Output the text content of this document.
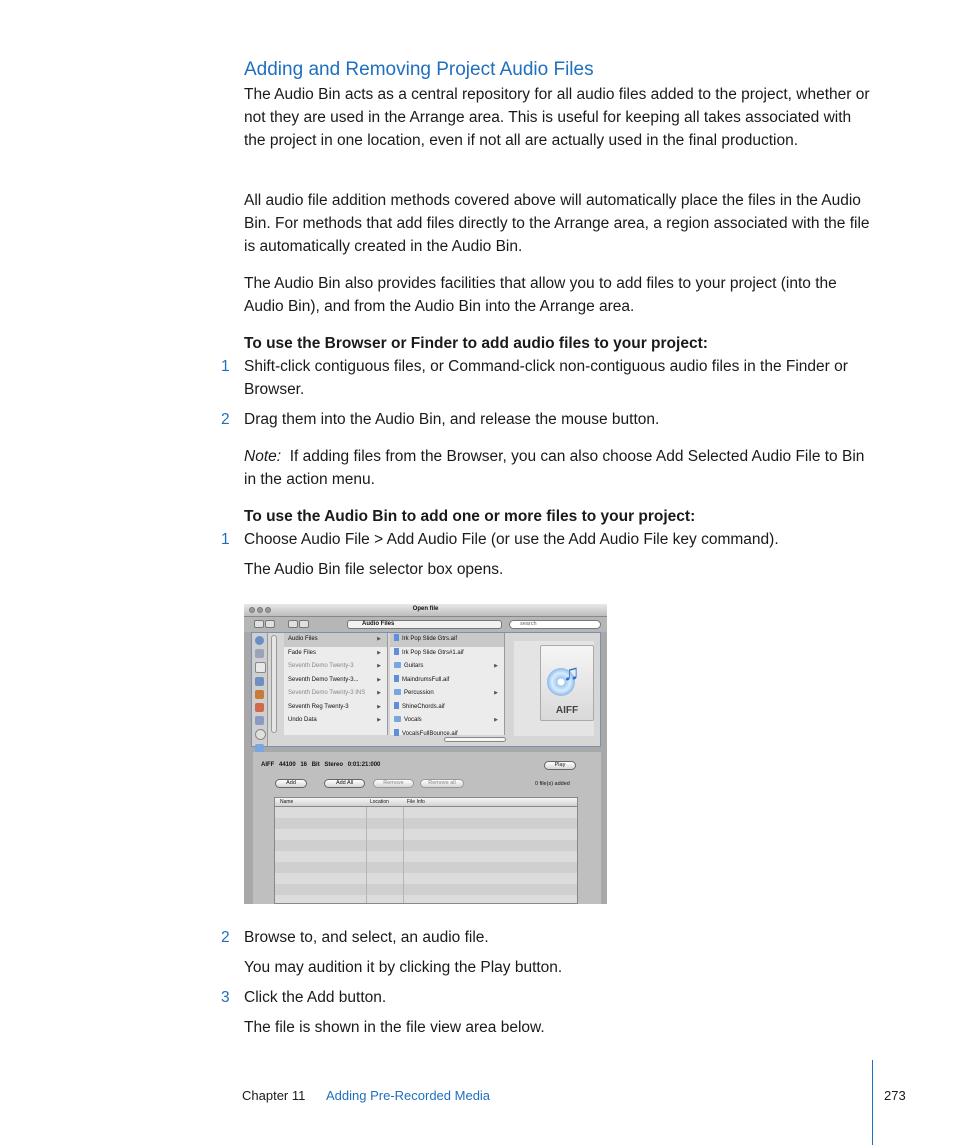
Adding and Removing Project Audio Files

The Audio Bin acts as a central repository for all audio files added to the project, whether or not they are used in the Arrange area. This is useful for keeping all takes associated with the project in one location, even if not all are actually used in the final production.

All audio file addition methods covered above will automatically place the files in the Audio Bin. For methods that add files directly to the Arrange area, a region associated with the file is automatically created in the Audio Bin.

The Audio Bin also provides facilities that allow you to add files to your project (into the Audio Bin), and from the Audio Bin into the Arrange area.

To use the Browser or Finder to add audio files to your project:

1 Shift-click contiguous files, or Command-click non-contiguous audio files in the Finder or Browser.

2 Drag them into the Audio Bin, and release the mouse button.

Note: If adding files from the Browser, you can also choose Add Selected Audio File to Bin in the action menu.

To use the Audio Bin to add one or more files to your project:

1 Choose Audio File > Add Audio File (or use the Add Audio File key command).

The Audio Bin file selector box opens.

Open file
Audio Files	search
Audio Files	▶
Fade Files	▶
Seventh Demo Twenty-3	▶
Seventh Demo Twenty-3...	▶
Seventh Demo Twenty-3 INS ▶
Seventh Reg Twenty-3	▶
Undo Data	▶
Irk Pop Slide Gtrs.aif
Irk Pop Slide Gtrs#1.aif
Guitars	▶
MaindrumsFull.aif
Percussion	▶
ShineChords.aif
Vocals	▶
VocalsFullBounce.aif
♫
AIFF
AIFF 44100 16 Bit Stereo 0:01:21:000	Play
Add	Add All	Remove	Remove all	0 file(s) added
Name	Location	File Info
2 Browse to, and select, an audio file.

You may audition it by clicking the Play button.

3 Click the Add button.

The file is shown in the file view area below.

Chapter 11 Adding Pre-Recorded Media	273
